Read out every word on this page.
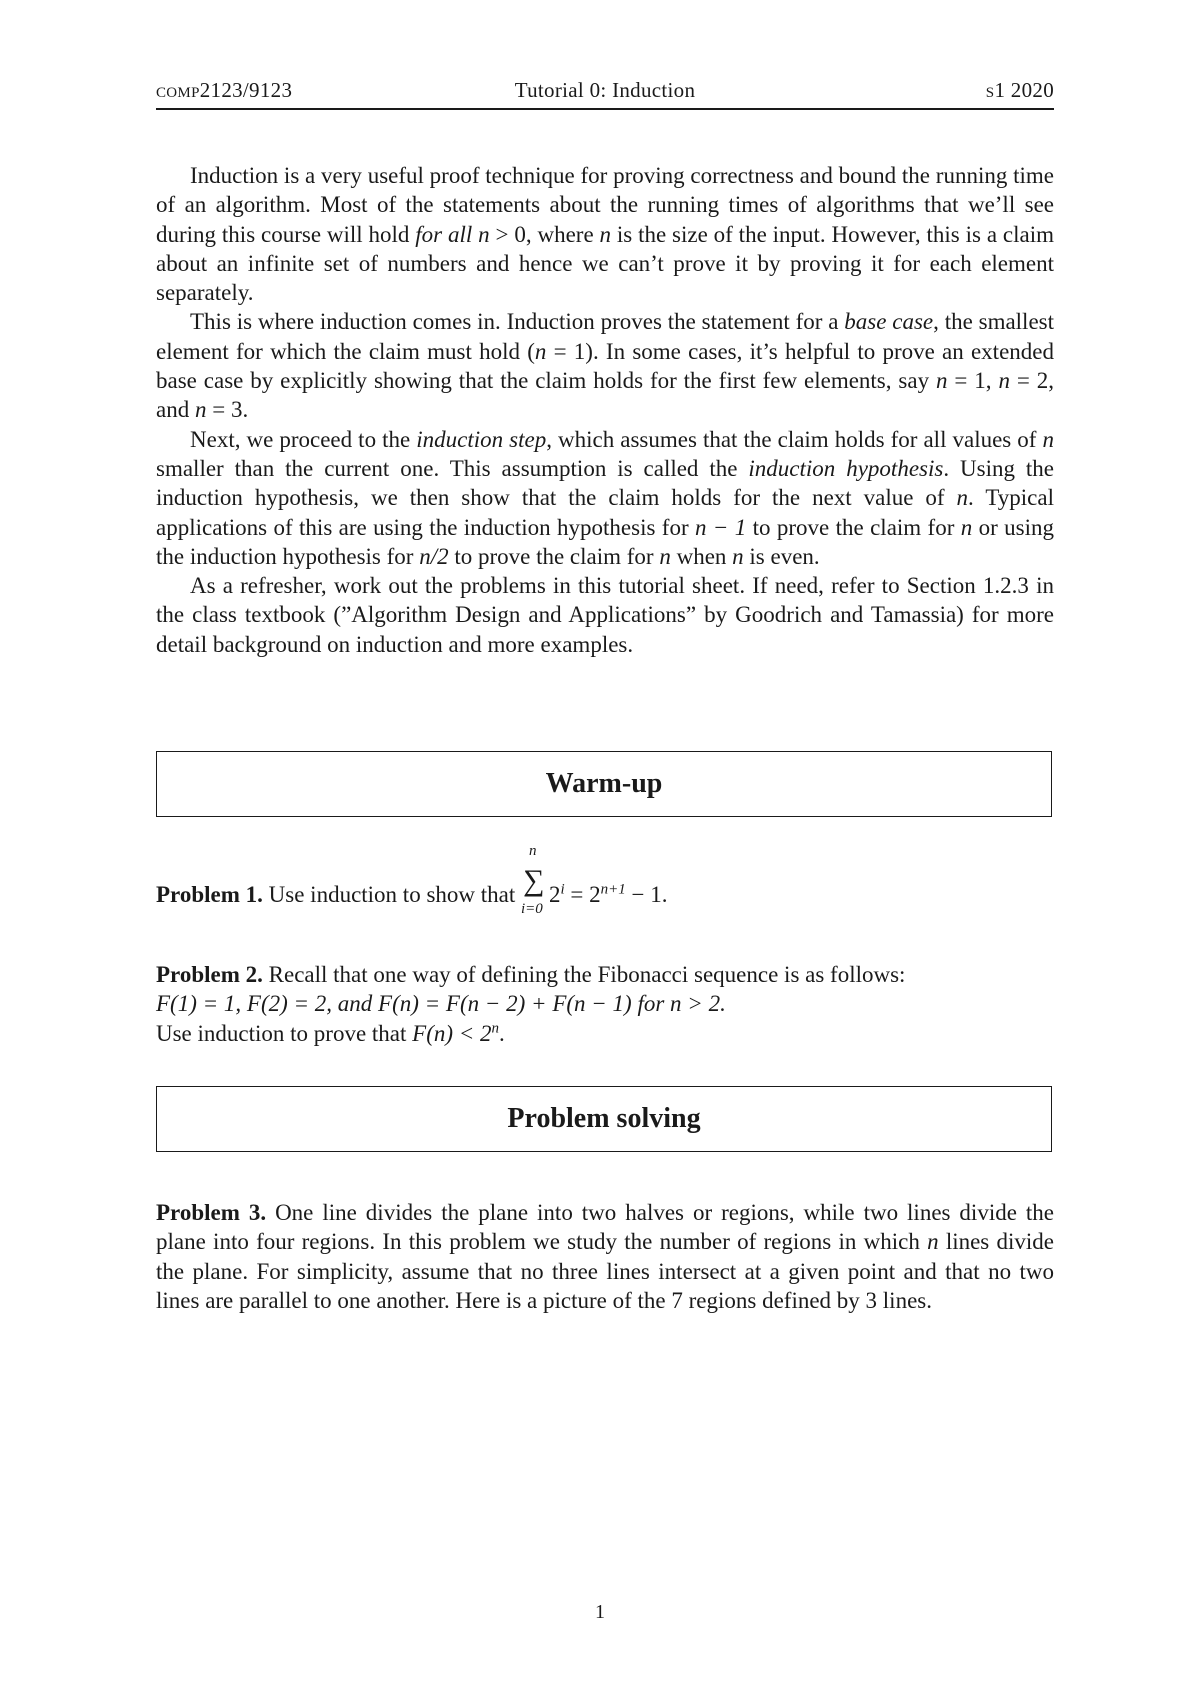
comp2123/9123	Tutorial 0: Induction	s1 2020

Induction is a very useful proof technique for proving correctness and bound the running time of an algorithm. Most of the statements about the running times of algorithms that we’ll see during this course will hold for all n > 0, where n is the size of the input. However, this is a claim about an infinite set of numbers and hence we can’t prove it by proving it for each element separately.

This is where induction comes in. Induction proves the statement for a base case, the smallest element for which the claim must hold (n = 1). In some cases, it’s helpful to prove an extended base case by explicitly showing that the claim holds for the first few elements, say n = 1, n = 2, and n = 3.

Next, we proceed to the induction step, which assumes that the claim holds for all values of n smaller than the current one. This assumption is called the induction hypothesis. Using the induction hypothesis, we then show that the claim holds for the next value of n. Typical applications of this are using the induction hypothesis for n − 1 to prove the claim for n or using the induction hypothesis for n/2 to prove the claim for n when n is even.

As a refresher, work out the problems in this tutorial sheet. If need, refer to Section 1.2.3 in the class textbook (”Algorithm Design and Applications” by Goodrich and Tamassia) for more detail background on induction and more examples.

Warm-up
Problem 1. Use induction to show that
n
∑
i=0
$2^i = 2^{n+1} - 1$.
Problem 2. Recall that one way of defining the Fibonacci sequence is as follows:
F(1) = 1, F(2) = 2, and F(n) = F(n − 2) + F(n − 1) for n > 2.
Use induction to prove that $F(n) < 2^n$.
Problem solving
Problem 3. One line divides the plane into two halves or regions, while two lines divide the plane into four regions. In this problem we study the number of regions in which n lines divide the plane. For simplicity, assume that no three lines intersect at a given point and that no two lines are parallel to one another. Here is a picture of the 7 regions defined by 3 lines.
1
